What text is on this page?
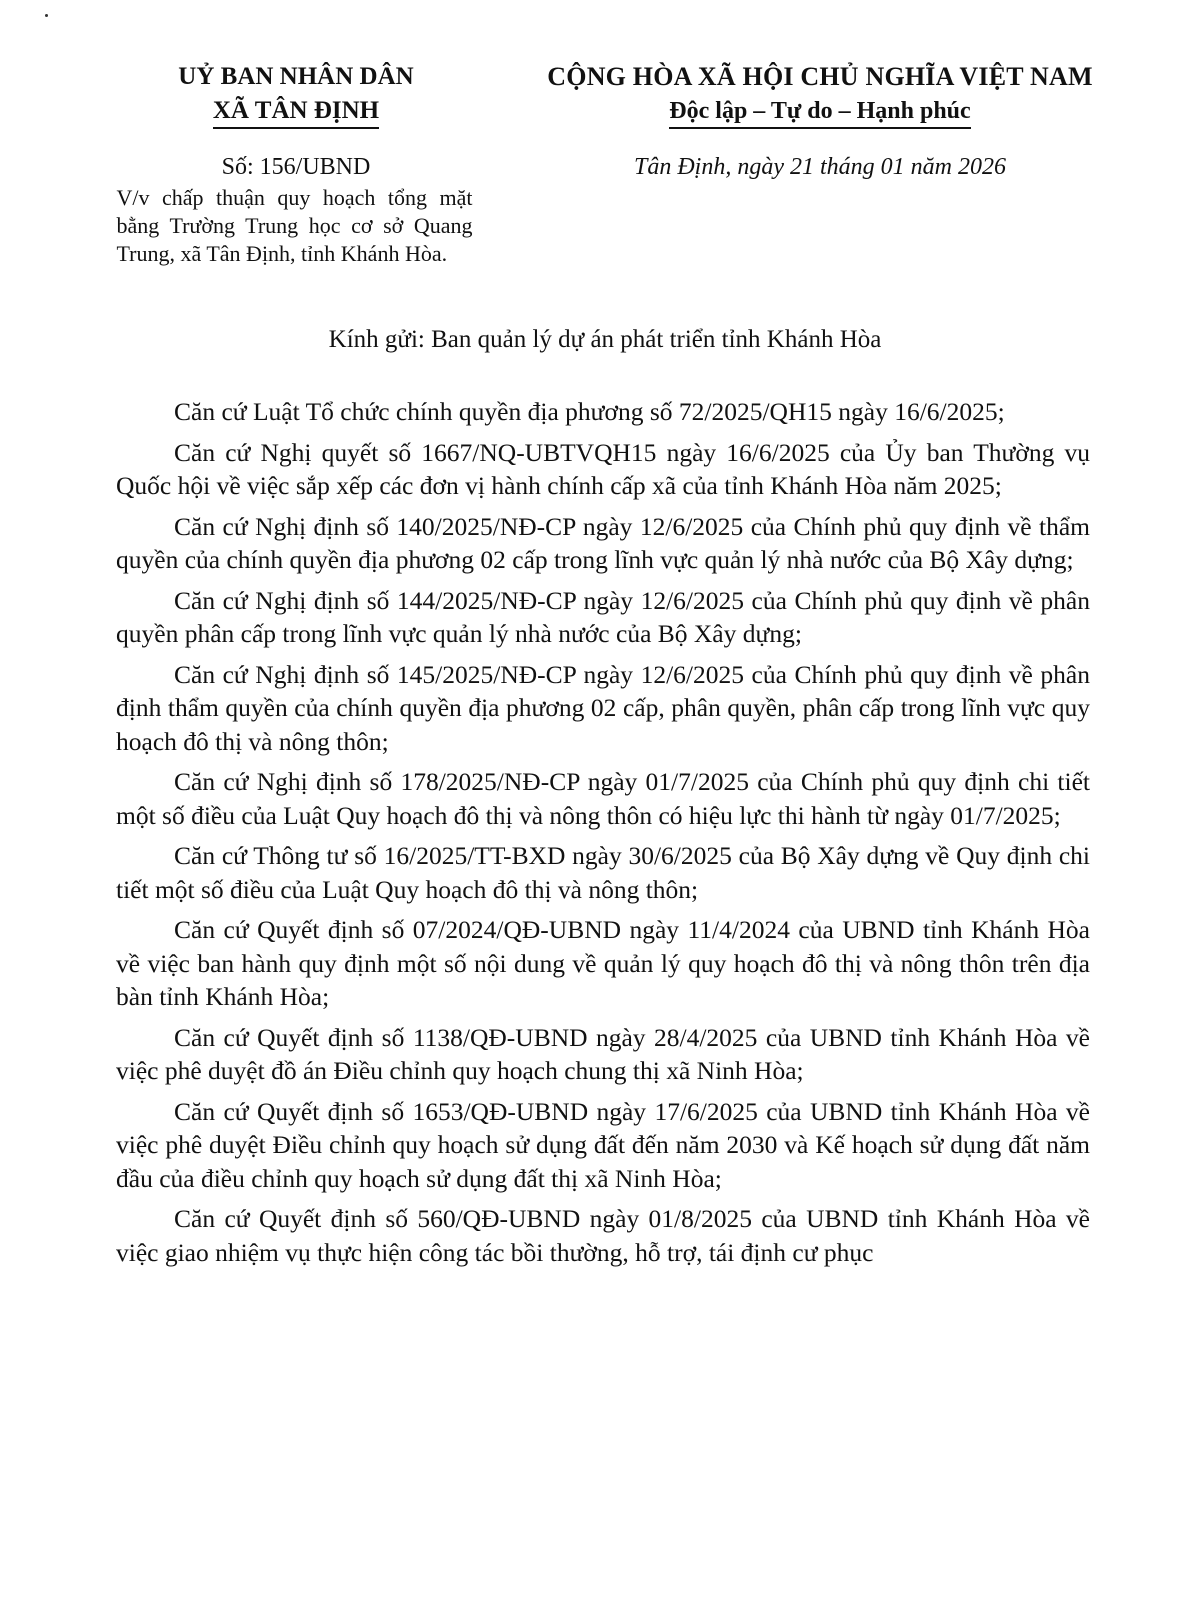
UỶ BAN NHÂN DÂN
XÃ TÂN ĐỊNH
Số: 156/UBND
V/v chấp thuận quy hoạch tổng mặt bằng Trường Trung học cơ sở Quang Trung, xã Tân Định, tỉnh Khánh Hòa.
CỘNG HÒA XÃ HỘI CHỦ NGHĨA VIỆT NAM
Độc lập – Tự do – Hạnh phúc
Tân Định, ngày 21 tháng 01 năm 2026
Kính gửi: Ban quản lý dự án phát triển tỉnh Khánh Hòa

Căn cứ Luật Tổ chức chính quyền địa phương số 72/2025/QH15 ngày 16/6/2025;

Căn cứ Nghị quyết số 1667/NQ-UBTVQH15 ngày 16/6/2025 của Ủy ban Thường vụ Quốc hội về việc sắp xếp các đơn vị hành chính cấp xã của tỉnh Khánh Hòa năm 2025;

Căn cứ Nghị định số 140/2025/NĐ-CP ngày 12/6/2025 của Chính phủ quy định về thẩm quyền của chính quyền địa phương 02 cấp trong lĩnh vực quản lý nhà nước của Bộ Xây dựng;

Căn cứ Nghị định số 144/2025/NĐ-CP ngày 12/6/2025 của Chính phủ quy định về phân quyền phân cấp trong lĩnh vực quản lý nhà nước của Bộ Xây dựng;

Căn cứ Nghị định số 145/2025/NĐ-CP ngày 12/6/2025 của Chính phủ quy định về phân định thẩm quyền của chính quyền địa phương 02 cấp, phân quyền, phân cấp trong lĩnh vực quy hoạch đô thị và nông thôn;

Căn cứ Nghị định số 178/2025/NĐ-CP ngày 01/7/2025 của Chính phủ quy định chi tiết một số điều của Luật Quy hoạch đô thị và nông thôn có hiệu lực thi hành từ ngày 01/7/2025;

Căn cứ Thông tư số 16/2025/TT-BXD ngày 30/6/2025 của Bộ Xây dựng về Quy định chi tiết một số điều của Luật Quy hoạch đô thị và nông thôn;

Căn cứ Quyết định số 07/2024/QĐ-UBND ngày 11/4/2024 của UBND tỉnh Khánh Hòa về việc ban hành quy định một số nội dung về quản lý quy hoạch đô thị và nông thôn trên địa bàn tỉnh Khánh Hòa;

Căn cứ Quyết định số 1138/QĐ-UBND ngày 28/4/2025 của UBND tỉnh Khánh Hòa về việc phê duyệt đồ án Điều chỉnh quy hoạch chung thị xã Ninh Hòa;

Căn cứ Quyết định số 1653/QĐ-UBND ngày 17/6/2025 của UBND tỉnh Khánh Hòa về việc phê duyệt Điều chỉnh quy hoạch sử dụng đất đến năm 2030 và Kế hoạch sử dụng đất năm đầu của điều chỉnh quy hoạch sử dụng đất thị xã Ninh Hòa;

Căn cứ Quyết định số 560/QĐ-UBND ngày 01/8/2025 của UBND tỉnh Khánh Hòa về việc giao nhiệm vụ thực hiện công tác bồi thường, hỗ trợ, tái định cư phục
